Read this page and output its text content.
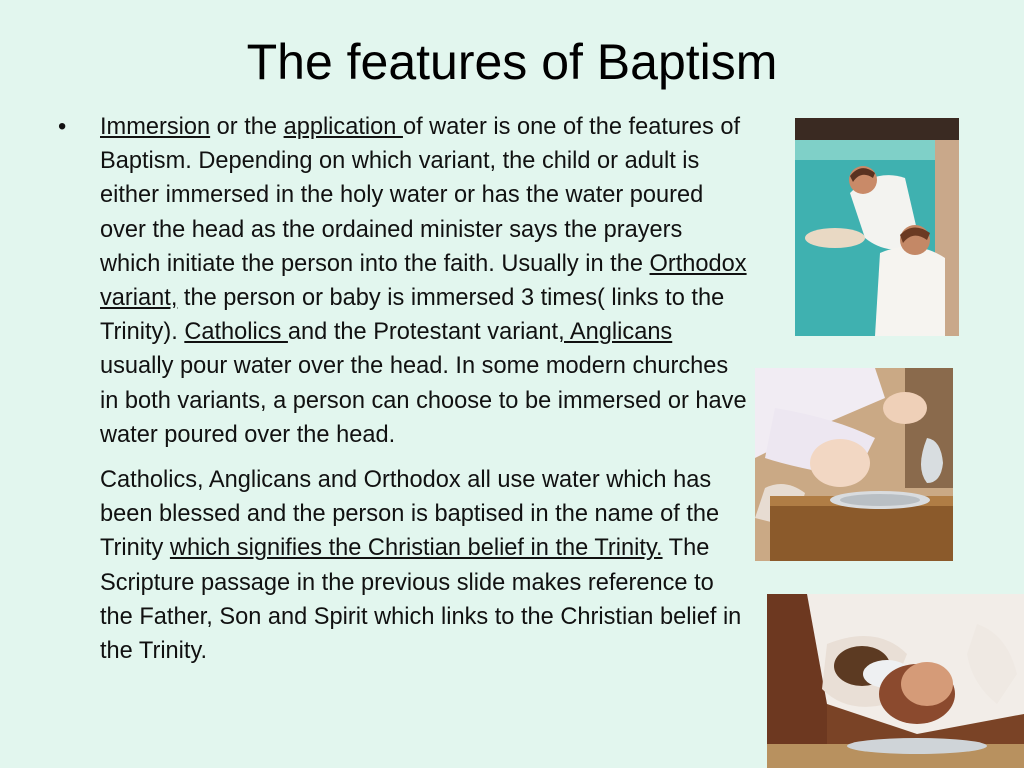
The features of Baptism

• Immersion or the application of water is one of the features of Baptism. Depending on which variant, the child or adult is either immersed in the holy water or has the water poured over the head as the ordained minister says the prayers which initiate the person into the faith. Usually in the Orthodox variant, the person or baby is immersed 3 times( links to the Trinity). Catholics and the Protestant variant, Anglicans usually pour water over the head. In some modern churches in both variants, a person can choose to be immersed or have water poured over the head.

Catholics, Anglicans and Orthodox all use water which has been blessed and the person is baptised in the name of the Trinity which signifies the Christian belief in the Trinity. The Scripture passage in the previous slide makes reference to the Father, Son and Spirit which links to the Christian belief in the Trinity.
